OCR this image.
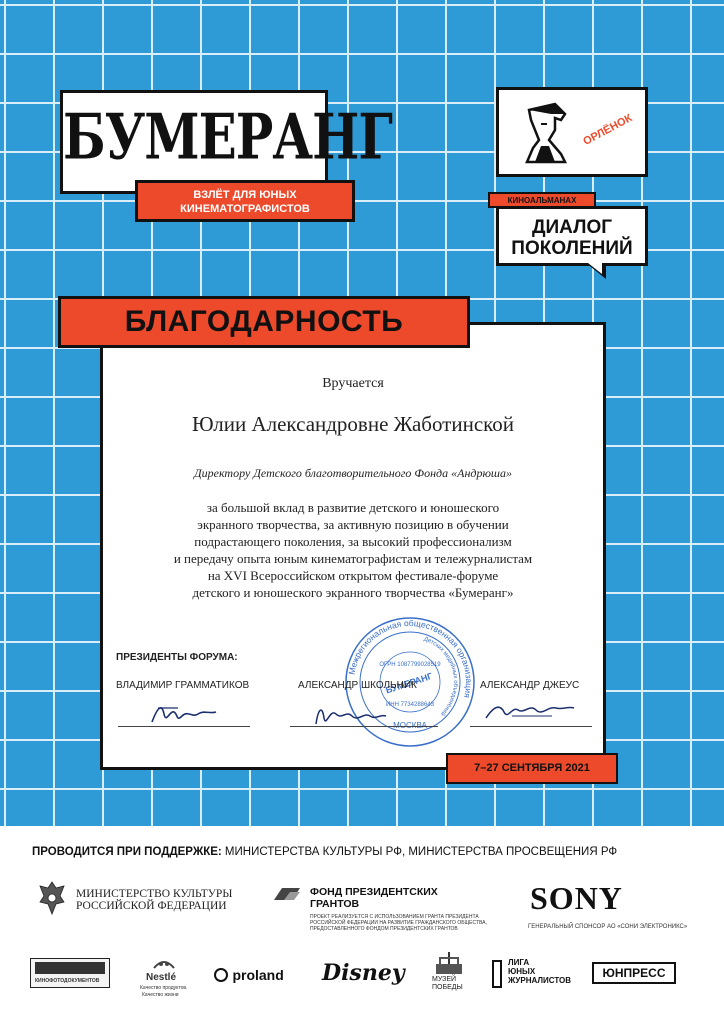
БУМЕРАНГ
ВЗЛЁТ ДЛЯ ЮНЫХ
КИНЕМАТОГРАФИСТОВ
ОРЛЁНОК
КИНОАЛЬМАНАХ
ДИАЛОГ
ПОКОЛЕНИЙ
БЛАГОДАРНОСТЬ
Вручается
Юлии Александровне Жаботинской
Директору Детского благотворительного Фонда «Андрюша»
за большой вклад в развитие детского и юношеского
экранного творчества, за активную позицию в обучении
подрастающего поколения, за высокий профессионализм
и передачу опыта юным кинематографистам и тележурналистам
на XVI Всероссийском открытом фестивале-форуме
детского и юношеского экранного творчества «Бумеранг»
Межрегиональная общественная организация
Детских медийных объединений
ОГРН 1087799028519
БУМЕРАНГ
ИНН 7734288643
ПРЕЗИДЕНТЫ ФОРУМА:
ВЛАДИМИР ГРАММАТИКОВ	АЛЕКСАНДР ШКОЛЬНИК	АЛЕКСАНДР ДЖЕУС
7–27 СЕНТЯБРЯ 2021
ПРОВОДИТСЯ ПРИ ПОДДЕРЖКЕ: МИНИСТЕРСТВА КУЛЬТУРЫ РФ, МИНИСТЕРСТВА ПРОСВЕЩЕНИЯ РФ
МИНИСТЕРСТВО КУЛЬТУРЫ
РОССИЙСКОЙ ФЕДЕРАЦИИ
ФОНД ПРЕЗИДЕНТСКИХ
ГРАНТОВ
ПРОЕКТ РЕАЛИЗУЕТСЯ С ИСПОЛЬЗОВАНИЕМ ГРАНТА ПРЕЗИДЕНТА РОССИЙСКОЙ ФЕДЕРАЦИИ НА РАЗВИТИЕ ГРАЖДАНСКОГО ОБЩЕСТВА, ПРЕДОСТАВЛЕННОГО ФОНДОМ ПРЕЗИДЕНТСКИХ ГРАНТОВ
SONY
ГЕНЕРАЛЬНЫЙ СПОНСОР АО «СОНИ ЭЛЕКТРОНИКС»
КИНОФОТОДОКУМЕНТОВ	Nestlé
Качество продуктов.
Качество жизни
proland Disney	МУЗЕЙ
ПОБЕДЫ
ЛИГА
ЮНЫХ
ЖУРНАЛИСТОВ
ЮНПРЕСС
